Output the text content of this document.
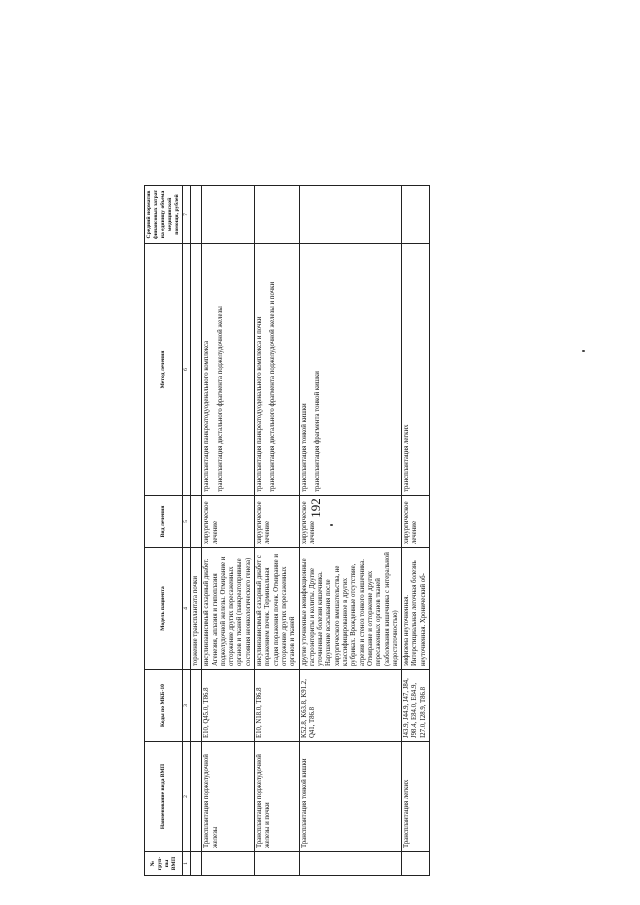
192
№ груп-пы ВМП	Наименование вида ВМП	Коды по МКБ-10	Модель пациента	Вид лечения	Метод лечения	Средний норматив финансовых затрат на единицу объема медицинской помощи, рублей
1	2	3	4	5	6	7
			торжение трансплантата почки			
	Трансплантация поджелудочной железы	E10, Q45.0, T86.8	инсулинзависимый сахарный диабет. Агенезия, аплазия и гипоплазия поджелудочной железы. Отмирание и отторжение других пересаженных органов и тканей (панкреатопривные состояния неонкологического генеза)	хирургическое лечение	трансплантация панкреатодуоденального комплекса трансплантация дистального фрагмента поджелудочной железы	

	Трансплантация поджелудочной железы и почки	E10, N18.0, T86.8	инсулинзависимый сахарный диабет с поражением почек. Терминальная стадия поражения почек. Отмирание и отторжение других пересаженных органов и тканей	хирургическое лечение	трансплантация панкреатодуоденального комплекса и почки трансплантация дистального фрагмента поджелудочной железы и почки	

	Трансплантация тонкой кишки	K52.8, K63.8, K91.2, Q41, T86.8	другие уточненные неинфекционные гастроэнтериты и колиты. Другие уточненные болезни кишечника. Нарушение всасывания после хирургического вмешательства, не классифицированное в других рубриках. Врожденные отсутствие, атрезия и стеноз тонкого кишечника. Отмирание и отторжение других пересаженных органов тканей (заболевания кишечника с энтеральной недостаточностью)	хирургическое лечение	трансплантация тонкой кишки трансплантация фрагмента тонкой кишки	

	Трансплантация легких	J43.9, J44.9, J47, J84, J98.4, E84.0, E84.9, I27.0, I28.9, T86.8	эмфизема неуточненная. Интерстициальная легочная болезнь неуточненная. Хронический об-	хирургическое лечение	трансплантация легких	
